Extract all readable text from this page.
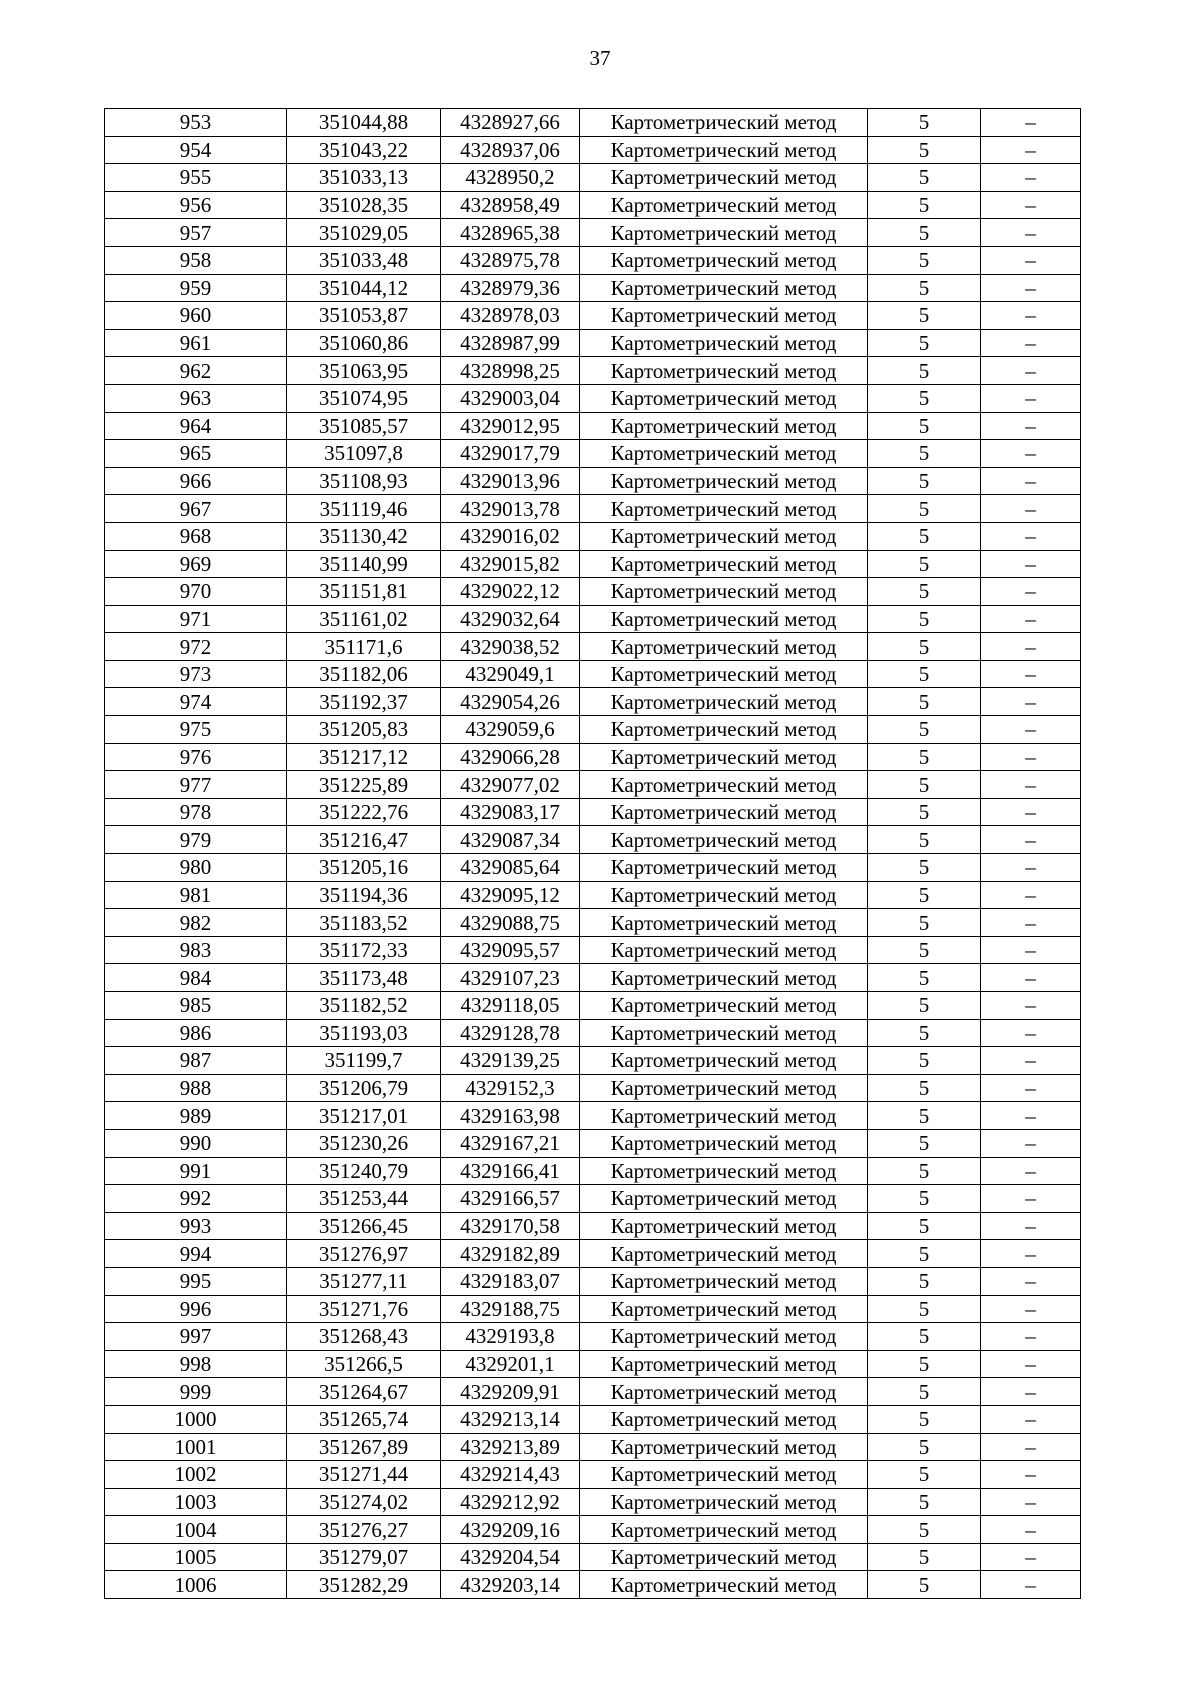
37
953	351044,88	4328927,66	Картометрический метод	5	–
954	351043,22	4328937,06	Картометрический метод	5	–
955	351033,13	4328950,2	Картометрический метод	5	–
956	351028,35	4328958,49	Картометрический метод	5	–
957	351029,05	4328965,38	Картометрический метод	5	–
958	351033,48	4328975,78	Картометрический метод	5	–
959	351044,12	4328979,36	Картометрический метод	5	–
960	351053,87	4328978,03	Картометрический метод	5	–
961	351060,86	4328987,99	Картометрический метод	5	–
962	351063,95	4328998,25	Картометрический метод	5	–
963	351074,95	4329003,04	Картометрический метод	5	–
964	351085,57	4329012,95	Картометрический метод	5	–
965	351097,8	4329017,79	Картометрический метод	5	–
966	351108,93	4329013,96	Картометрический метод	5	–
967	351119,46	4329013,78	Картометрический метод	5	–
968	351130,42	4329016,02	Картометрический метод	5	–
969	351140,99	4329015,82	Картометрический метод	5	–
970	351151,81	4329022,12	Картометрический метод	5	–
971	351161,02	4329032,64	Картометрический метод	5	–
972	351171,6	4329038,52	Картометрический метод	5	–
973	351182,06	4329049,1	Картометрический метод	5	–
974	351192,37	4329054,26	Картометрический метод	5	–
975	351205,83	4329059,6	Картометрический метод	5	–
976	351217,12	4329066,28	Картометрический метод	5	–
977	351225,89	4329077,02	Картометрический метод	5	–
978	351222,76	4329083,17	Картометрический метод	5	–
979	351216,47	4329087,34	Картометрический метод	5	–
980	351205,16	4329085,64	Картометрический метод	5	–
981	351194,36	4329095,12	Картометрический метод	5	–
982	351183,52	4329088,75	Картометрический метод	5	–
983	351172,33	4329095,57	Картометрический метод	5	–
984	351173,48	4329107,23	Картометрический метод	5	–
985	351182,52	4329118,05	Картометрический метод	5	–
986	351193,03	4329128,78	Картометрический метод	5	–
987	351199,7	4329139,25	Картометрический метод	5	–
988	351206,79	4329152,3	Картометрический метод	5	–
989	351217,01	4329163,98	Картометрический метод	5	–
990	351230,26	4329167,21	Картометрический метод	5	–
991	351240,79	4329166,41	Картометрический метод	5	–
992	351253,44	4329166,57	Картометрический метод	5	–
993	351266,45	4329170,58	Картометрический метод	5	–
994	351276,97	4329182,89	Картометрический метод	5	–
995	351277,11	4329183,07	Картометрический метод	5	–
996	351271,76	4329188,75	Картометрический метод	5	–
997	351268,43	4329193,8	Картометрический метод	5	–
998	351266,5	4329201,1	Картометрический метод	5	–
999	351264,67	4329209,91	Картометрический метод	5	–
1000	351265,74	4329213,14	Картометрический метод	5	–
1001	351267,89	4329213,89	Картометрический метод	5	–
1002	351271,44	4329214,43	Картометрический метод	5	–
1003	351274,02	4329212,92	Картометрический метод	5	–
1004	351276,27	4329209,16	Картометрический метод	5	–
1005	351279,07	4329204,54	Картометрический метод	5	–
1006	351282,29	4329203,14	Картометрический метод	5	–
